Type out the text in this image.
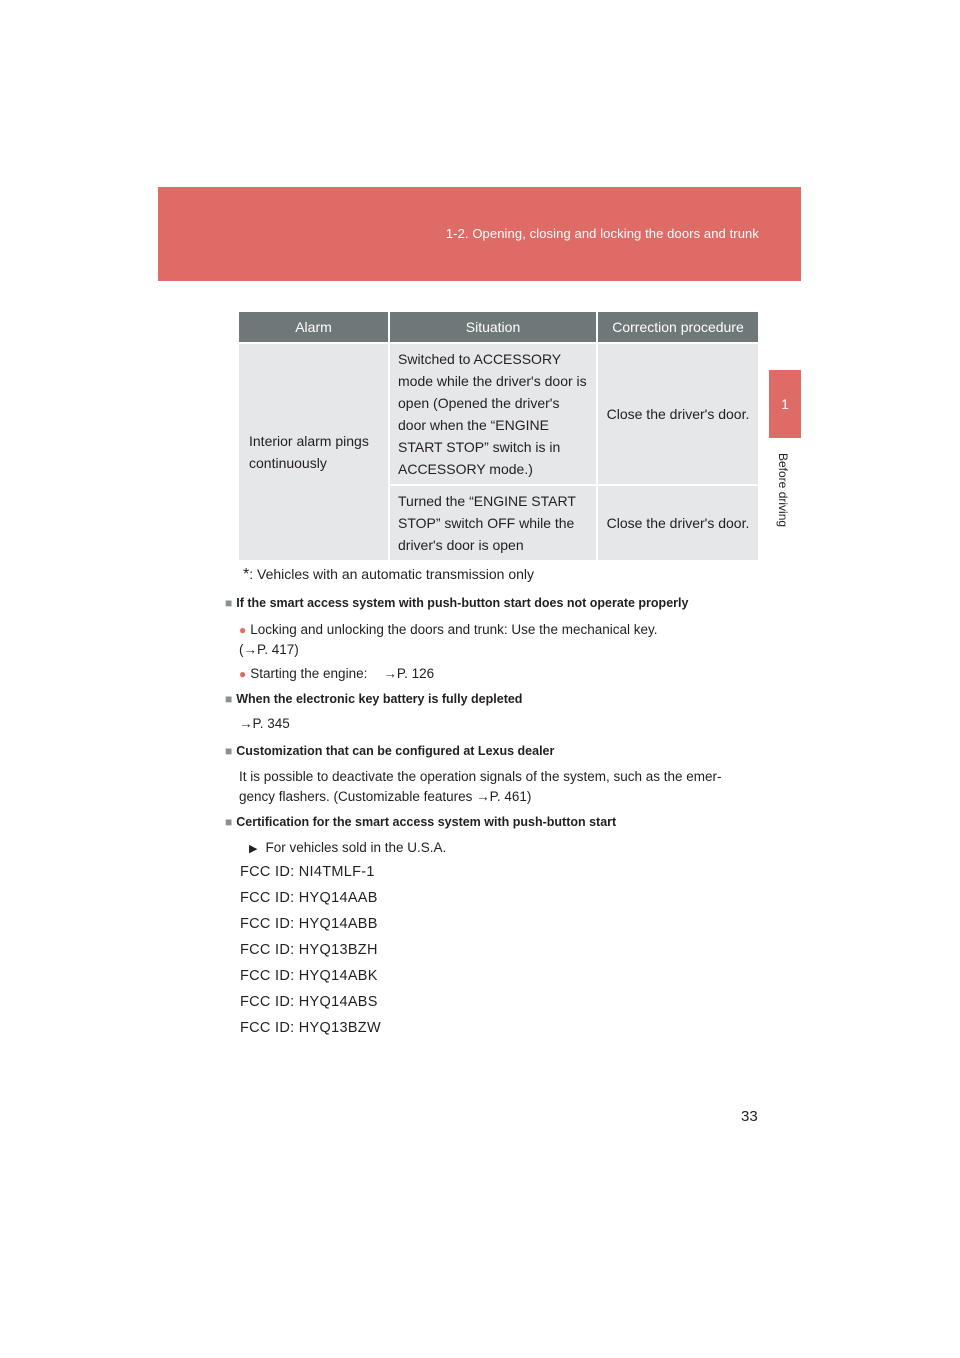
1-2. Opening, closing and locking the doors and trunk
1
Before driving
Alarm	Situation	Correction procedure
Interior alarm pings continuously	Switched to ACCESSORY mode while the driver's door is open (Opened the driver's door when the “ENGINE START STOP” switch is in ACCESSORY mode.)	Close the driver's door.
	Turned the “ENGINE START STOP” switch OFF while the driver's door is open	Close the driver's door.
*: Vehicles with an automatic transmission only
■ If the smart access system with push-button start does not operate properly
● Locking and unlocking the doors and trunk: Use the mechanical key.
(→P. 417)
● Starting the engine: →P. 126
■ When the electronic key battery is fully depleted
→P. 345
■ Customization that can be configured at Lexus dealer
It is possible to deactivate the operation signals of the system, such as the emer-
gency flashers. (Customizable features →P. 461)
■ Certification for the smart access system with push-button start
▶ For vehicles sold in the U.S.A.
FCC ID: NI4TMLF-1
FCC ID: HYQ14AAB
FCC ID: HYQ14ABB
FCC ID: HYQ13BZH
FCC ID: HYQ14ABK
FCC ID: HYQ14ABS
FCC ID: HYQ13BZW
33
